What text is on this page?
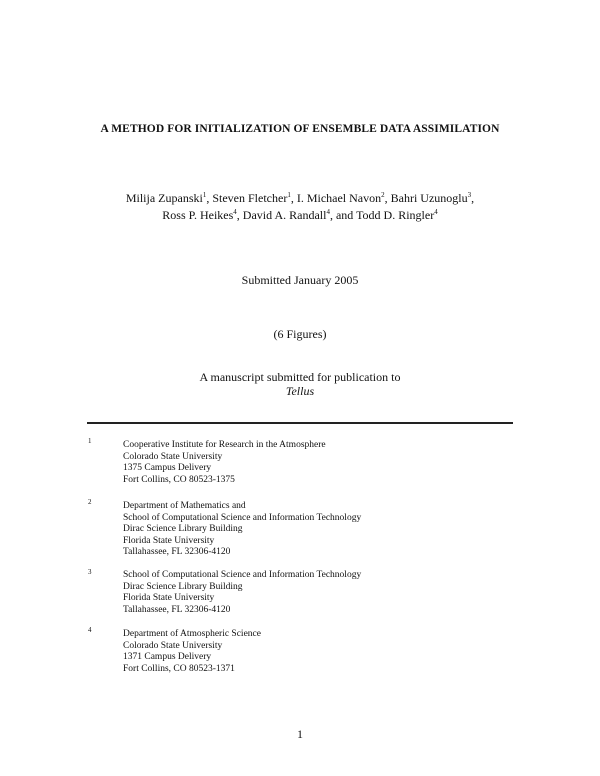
A METHOD FOR INITIALIZATION OF ENSEMBLE DATA ASSIMILATION
Milija Zupanski$^1$, Steven Fletcher$^1$, I. Michael Navon$^2$, Bahri Uzunoglu$^3$,
Ross P. Heikes$^4$, David A. Randall$^4$, and Todd D. Ringler$^4$
Submitted January 2005
(6 Figures)
A manuscript submitted for publication to
Tellus
1	Cooperative Institute for Research in the Atmosphere
Colorado State University
1375 Campus Delivery
Fort Collins, CO 80523-1375
2	Department of Mathematics and
School of Computational Science and Information Technology
Dirac Science Library Building
Florida State University
Tallahassee, FL 32306-4120
3	School of Computational Science and Information Technology
Dirac Science Library Building
Florida State University
Tallahassee, FL 32306-4120
4	Department of Atmospheric Science
Colorado State University
1371 Campus Delivery
Fort Collins, CO 80523-1371
1
